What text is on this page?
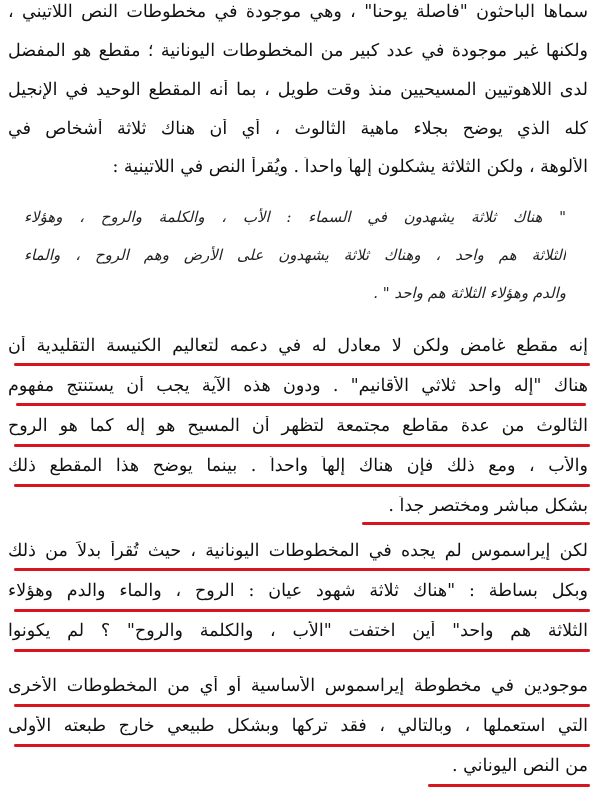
سماها الباحثون "فاصلة يوحنا" ، وهي موجودة في مخطوطات النص اللاتيني ،
ولكنها غير موجودة في عدد كبير من المخطوطات اليونانية ؛ مقطع هو المفضل
لدى اللاهوتيين المسيحيين منذ وقت طويل ، بما أنه المقطع الوحيد في الإنجيل
كله الذي يوضح بجلاء ماهية الثالوث ، أي أن هناك ثلاثة أشخاص في
الألوهة ، ولكن الثلاثة يشكلون إلهاً واحداً . ويُقرأ النص في اللاتينية :
" هناك ثلاثة يشهدون في السماء : الأب ، والكلمة والروح ، وهؤلاء
الثلاثة هم واحد ، وهناك ثلاثة يشهدون على الأرض وهم الروح ، والماء
والدم وهؤلاء الثلاثة هم واحد " .
إنه مقطع غامض ولكن لا معادل له في دعمه لتعاليم الكنيسة التقليدية أن
هناك "إله واحد ثلاثي الأقانيم" . ودون هذه الآية يجب أن يستنتج مفهوم
الثالوث من عدة مقاطع مجتمعة لتظهر أن المسيح هو إله كما هو الروح
والأب ، ومع ذلك فإن هناك إلهاً واحداً . بينما يوضح هذا المقطع ذلك
بشكل مباشر ومختصر جداً .
لكن إيراسموس لم يجده في المخطوطات اليونانية ، حيث تُقرأ بدلاً من ذلك
وبكل بساطة : "هناك ثلاثة شهود عيان : الروح ، والماء والدم وهؤلاء
الثلاثة هم واحد" أين اختفت "الأب ، والكلمة والروح" ؟ لم يكونوا
موجودين في مخطوطة إيراسموس الأساسية أو أي من المخطوطات الأخرى
التي استعملها ، وبالتالي ، فقد تركها وبشكل طبيعي خارج طبعته الأولى
من النص اليوناني .
